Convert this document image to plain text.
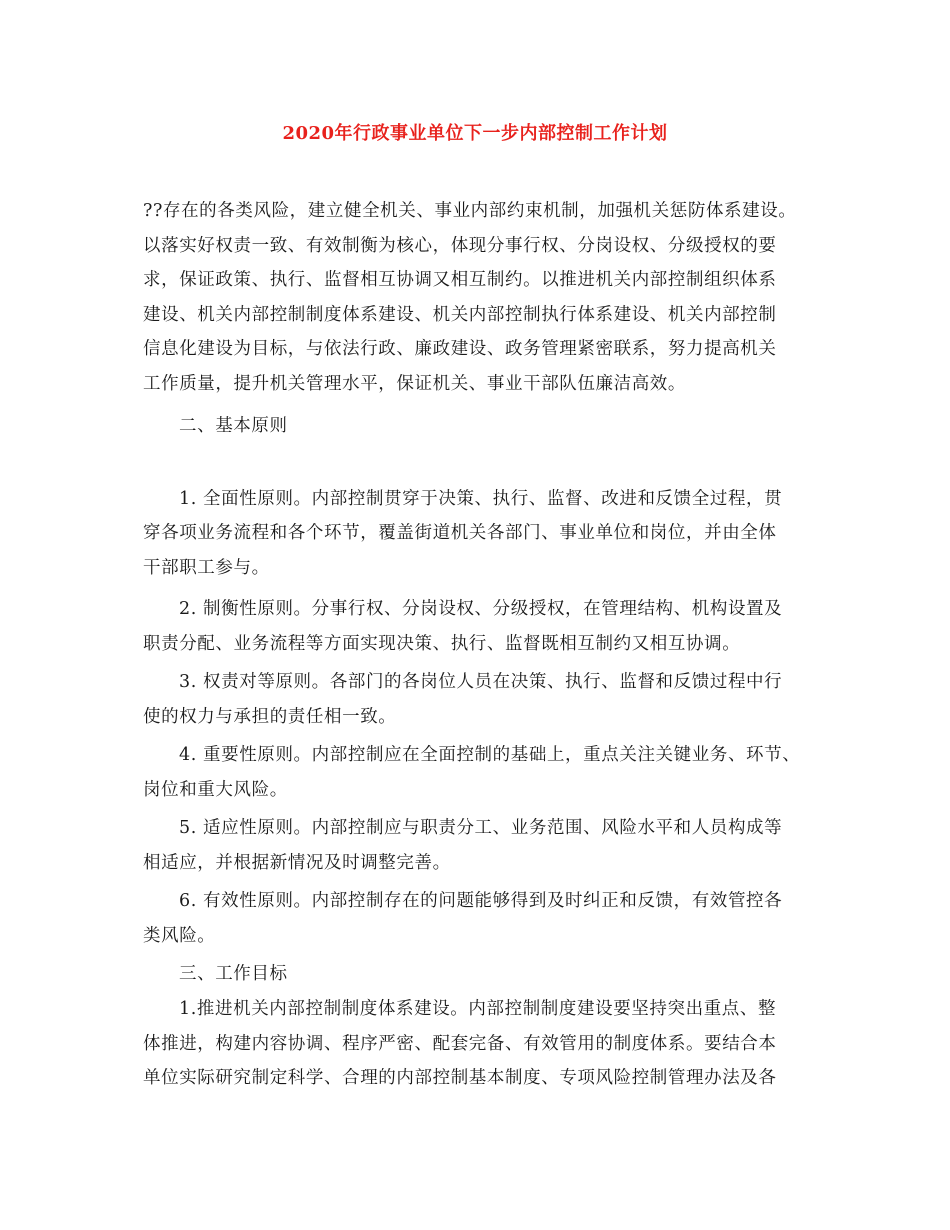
2020年行政事业单位下一步内部控制工作计划
??存在的各类风险，建立健全机关、事业内部约束机制，加强机关惩防体系建设。
以落实好权责一致、有效制衡为核心，体现分事行权、分岗设权、分级授权的要
求，保证政策、执行、监督相互协调又相互制约。以推进机关内部控制组织体系
建设、机关内部控制制度体系建设、机关内部控制执行体系建设、机关内部控制
信息化建设为目标，与依法行政、廉政建设、政务管理紧密联系，努力提高机关
工作质量，提升机关管理水平，保证机关、事业干部队伍廉洁高效。
二、基本原则
1. 全面性原则。内部控制贯穿于决策、执行、监督、改进和反馈全过程，贯
穿各项业务流程和各个环节，覆盖街道机关各部门、事业单位和岗位，并由全体
干部职工参与。
2. 制衡性原则。分事行权、分岗设权、分级授权，在管理结构、机构设置及
职责分配、业务流程等方面实现决策、执行、监督既相互制约又相互协调。
3. 权责对等原则。各部门的各岗位人员在决策、执行、监督和反馈过程中行
使的权力与承担的责任相一致。
4. 重要性原则。内部控制应在全面控制的基础上，重点关注关键业务、环节、
岗位和重大风险。
5. 适应性原则。内部控制应与职责分工、业务范围、风险水平和人员构成等
相适应，并根据新情况及时调整完善。
6. 有效性原则。内部控制存在的问题能够得到及时纠正和反馈，有效管控各
类风险。
三、工作目标
1.推进机关内部控制制度体系建设。内部控制制度建设要坚持突出重点、整
体推进，构建内容协调、程序严密、配套完备、有效管用的制度体系。要结合本
单位实际研究制定科学、合理的内部控制基本制度、专项风险控制管理办法及各
